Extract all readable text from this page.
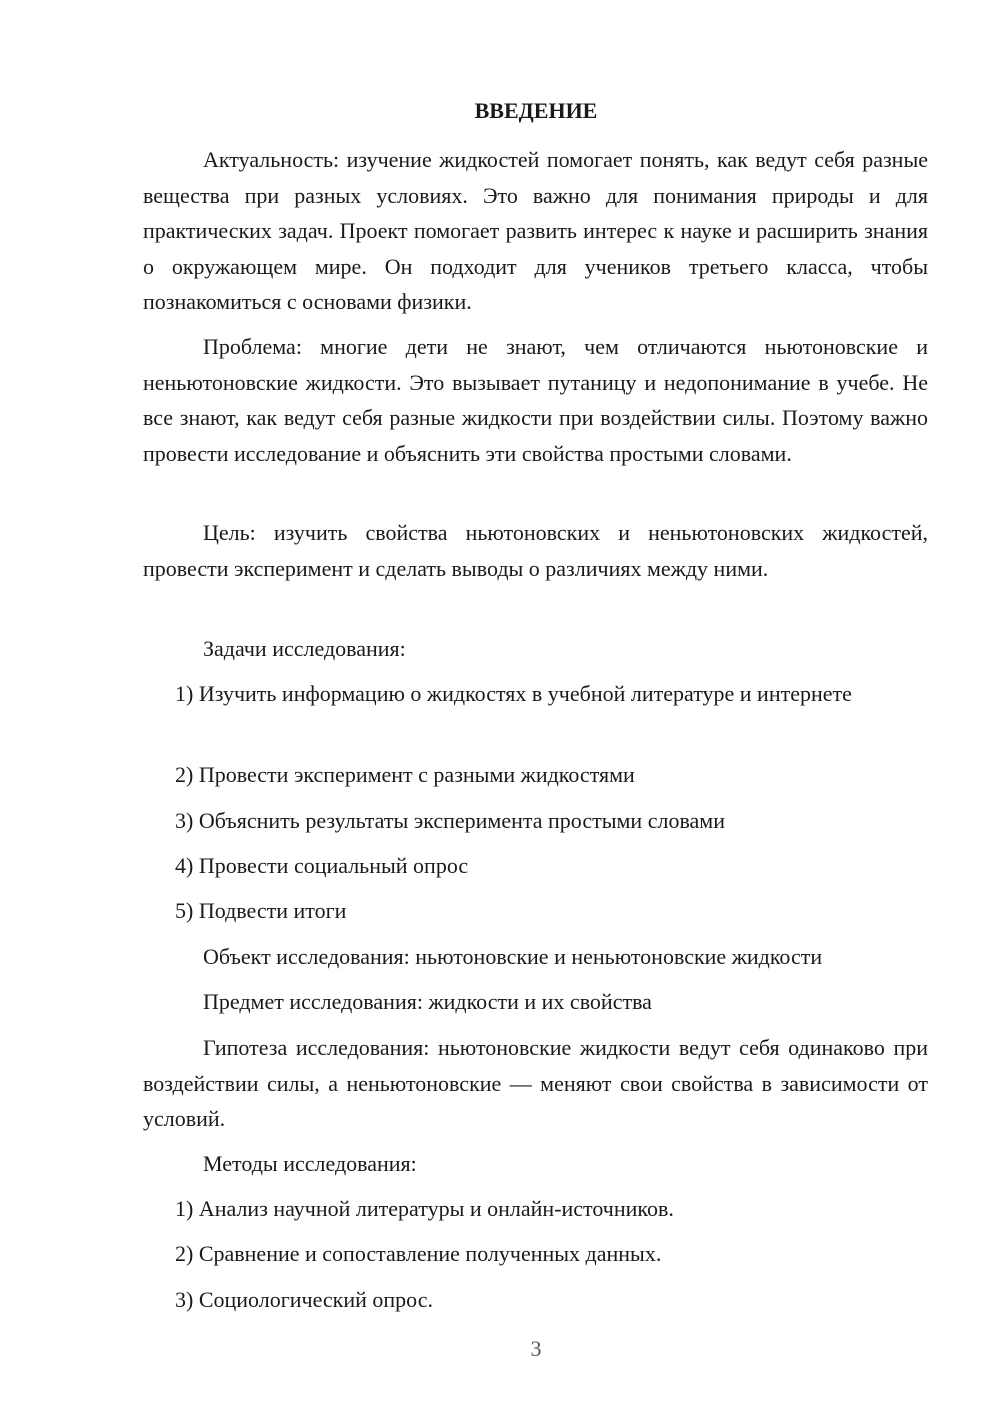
ВВЕДЕНИЕ

Актуальность: изучение жидкостей помогает понять, как ведут себя разные вещества при разных условиях. Это важно для понимания природы и для практических задач. Проект помогает развить интерес к науке и расширить знания о окружающем мире. Он подходит для учеников третьего класса, чтобы познакомиться с основами физики.

Проблема: многие дети не знают, чем отличаются ньютоновские и неньютоновские жидкости. Это вызывает путаницу и недопонимание в учебе. Не все знают, как ведут себя разные жидкости при воздействии силы. Поэтому важно провести исследование и объяснить эти свойства простыми словами.

Цель: изучить свойства ньютоновских и неньютоновских жидкостей, провести эксперимент и сделать выводы о различиях между ними.

Задачи исследования:

1) Изучить информацию о жидкостях в учебной литературе и интернете

2) Провести эксперимент с разными жидкостями

3) Объяснить результаты эксперимента простыми словами

4) Провести социальный опрос

5) Подвести итоги

Объект исследования: ньютоновские и неньютоновские жидкости

Предмет исследования: жидкости и их свойства

Гипотеза исследования: ньютоновские жидкости ведут себя одинаково при воздействии силы, а неньютоновские — меняют свои свойства в зависимости от условий.

Методы исследования:

1) Анализ научной литературы и онлайн-источников.

2) Сравнение и сопоставление полученных данных.

3) Социологический опрос.

3
